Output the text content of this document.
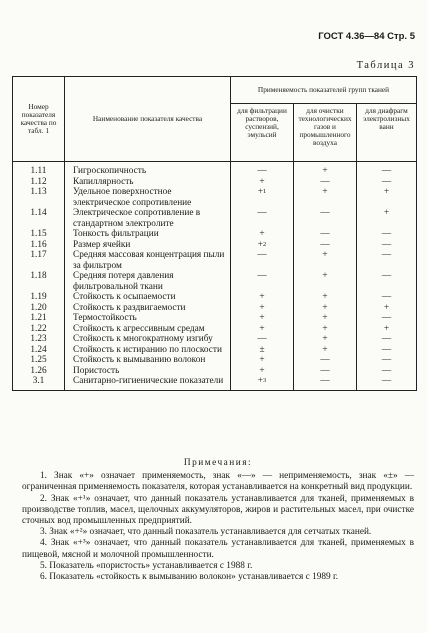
ГОСТ 4.36—84 Стр. 5
Таблица 3
Номер показателя качества по табл. 1	Наименование показателя качества	Применяемость показателей групп тканей		
		для фильтрации растворов, суспензий, эмульсий	для очистки технологических газов и промышленного воздуха	для диафрагм электролизных ванн
1.11	Гигроскопичность	—	+	—
1.12	Капиллярность	+	—	—
1.13	Удельное поверхностное электрическое сопротивление	+$^1$	+	+
1.14	Электрическое сопротивление в стандартном электролите	—	—	+
1.15	Тонкость фильтрации	+	—	—
1.16	Размер ячейки	+$^2$	—	—
1.17	Средняя массовая концентрация пыли за фильтром	—	+	—
1.18	Средняя потеря давления фильтровальной ткани	—	+	—
1.19	Стойкость к осыпаемости	+	+	—
1.20	Стойкость к раздвигаемости	+	+	+
1.21	Термостойкость	+	+	—
1.22	Стойкость к агрессивным средам	+	+	+
1.23	Стойкость к многократному изгибу	—	+	—
1.24	Стойкость к истиранию по плоскости	±	+	—
1.25	Стойкость к вымыванию волокон	+	—	—
1.26	Пористость	+	—	—
3.1	Санитарно-гигиенические показатели	+$^3$	—	—
Примечания:

1. Знак «+» означает применяемость, знак «—» — неприменяемость, знак «±» — ограниченная применяемость показателя, которая устанавливается на конкретный вид продукции.

2. Знак «+¹» означает, что данный показатель устанавливается для тканей, применяемых в производстве топлив, масел, щелочных аккумуляторов, жиров и растительных масел, при очистке сточных вод промышленных предприятий.

3. Знак «+²» означает, что данный показатель устанавливается для сетчатых тканей.

4. Знак «+³» означает, что данный показатель устанавливается для тканей, применяемых в пищевой, мясной и молочной промышленности.

5. Показатель «пористость» устанавливается с 1988 г.

6. Показатель «стойкость к вымыванию волокон» устанавливается с 1989 г.
